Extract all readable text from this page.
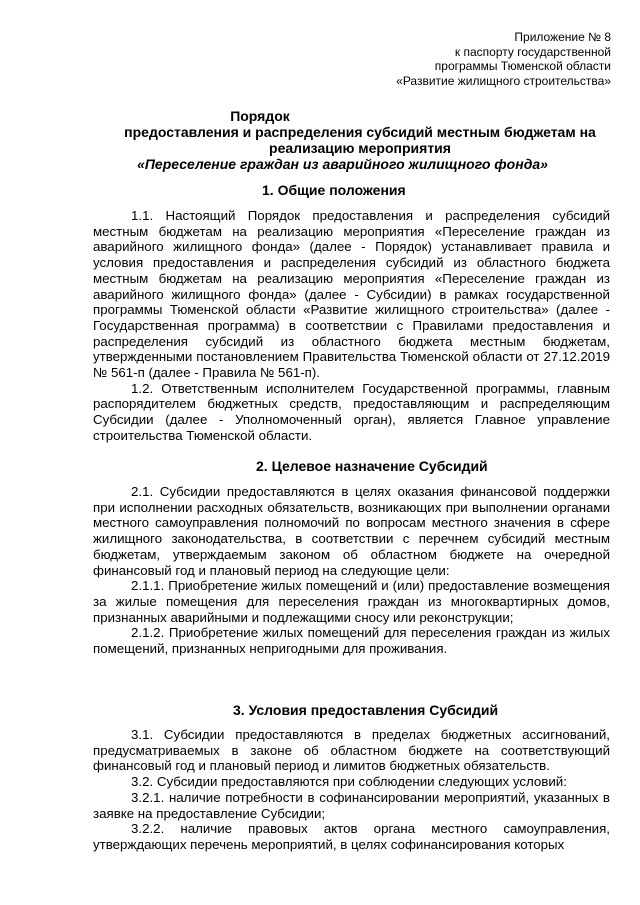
Приложение № 8
к паспорту государственной
программы Тюменской области
«Развитие жилищного строительства»
Порядок
предоставления и распределения субсидий местным бюджетам на
реализацию мероприятия
«Переселение граждан из аварийного жилищного фонда»
1. Общие положения

1.1. Настоящий Порядок предоставления и распределения субсидий местным бюджетам на реализацию мероприятия «Переселение граждан из аварийного жилищного фонда» (далее - Порядок) устанавливает правила и условия предоставления и распределения субсидий из областного бюджета местным бюджетам на реализацию мероприятия «Переселение граждан из аварийного жилищного фонда» (далее - Субсидии) в рамках государственной программы Тюменской области «Развитие жилищного строительства» (далее - Государственная программа) в соответствии с Правилами предоставления и распределения субсидий из областного бюджета местным бюджетам, утвержденными постановлением Правительства Тюменской области от 27.12.2019 № 561-п (далее - Правила № 561-п).

1.2. Ответственным исполнителем Государственной программы, главным распорядителем бюджетных средств, предоставляющим и распределяющим Субсидии (далее - Уполномоченный орган), является Главное управление строительства Тюменской области.

2. Целевое назначение Субсидий

2.1. Субсидии предоставляются в целях оказания финансовой поддержки при исполнении расходных обязательств, возникающих при выполнении органами местного самоуправления полномочий по вопросам местного значения в сфере жилищного законодательства, в соответствии с перечнем субсидий местным бюджетам, утверждаемым законом об областном бюджете на очередной финансовый год и плановый период на следующие цели:

2.1.1. Приобретение жилых помещений и (или) предоставление возмещения за жилые помещения для переселения граждан из многоквартирных домов, признанных аварийными и подлежащими сносу или реконструкции;

2.1.2. Приобретение жилых помещений для переселения граждан из жилых помещений, признанных непригодными для проживания.

3. Условия предоставления Субсидий

3.1. Субсидии предоставляются в пределах бюджетных ассигнований, предусматриваемых в законе об областном бюджете на соответствующий финансовый год и плановый период и лимитов бюджетных обязательств.

3.2. Субсидии предоставляются при соблюдении следующих условий:

3.2.1. наличие потребности в софинансировании мероприятий, указанных в заявке на предоставление Субсидии;

3.2.2. наличие правовых актов органа местного самоуправления, утверждающих перечень мероприятий, в целях софинансирования которых
